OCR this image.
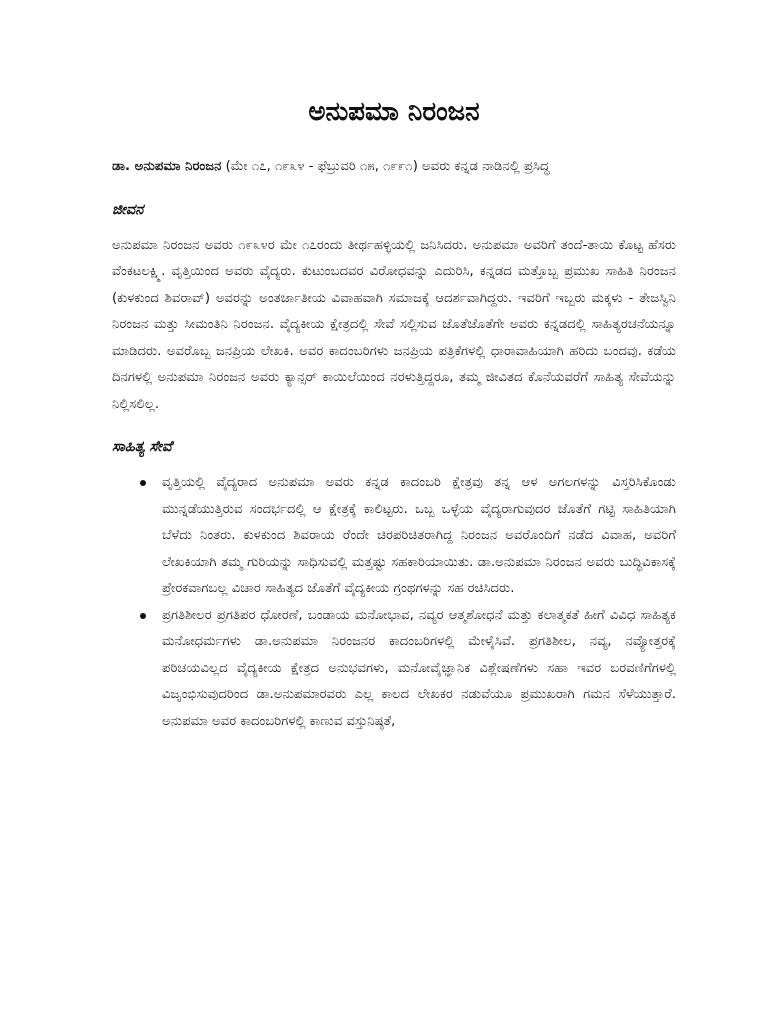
ಅನುಪಮಾ ನಿರಂಜನ

ಡಾ. ಅನುಪಮಾ ನಿರಂಜನ (ಮೇ ೧೭, ೧೯೩೪ - ಫೆಬ್ರುವರಿ ೧೫, ೧೯೯೧) ಅವರು ಕನ್ನಡ ನಾಡಿನಲ್ಲಿ ಪ್ರಸಿದ್ಧ

ಜೀವನ

ಅನುಪಮಾ ನಿರಂಜನ ಅವರು ೧೯೩೪ರ ಮೇ ೧೭ರಂದು ತೀರ್ಥಹಳ್ಳಿಯಲ್ಲಿ ಜನಿಸಿದರು. ಅನುಪಮಾ ಅವರಿಗೆ ತಂದೆ-ತಾಯಿ ಕೊಟ್ಟ ಹೆಸರು ವೆಂಕಟಲಕ್ಷ್ಮಿ. ವೃತ್ತಿಯಿಂದ ಅವರು ವೈದ್ಯರು. ಕುಟುಂಬದವರ ವಿರೋಧವನ್ನು ಎದುರಿಸಿ, ಕನ್ನಡದ ಮತ್ತೊಬ್ಬ ಪ್ರಮುಖ ಸಾಹಿತಿ ನಿರಂಜನ (ಕುಳಕುಂದ ಶಿವರಾವ್) ಅವರನ್ನು ಅಂತರ್ಜಾತೀಯ ವಿವಾಹವಾಗಿ ಸಮಾಜಕ್ಕೆ ಆದರ್ಶವಾಗಿದ್ದರು. ಇವರಿಗೆ ಇಬ್ಬರು ಮಕ್ಕಳು - ತೇಜಸ್ವಿನಿ ನಿರಂಜನ ಮತ್ತು ಸೀಮಂತಿನಿ ನಿರಂಜನ. ವೈದ್ಯಕೀಯ ಕ್ಷೇತ್ರದಲ್ಲಿ ಸೇವೆ ಸಲ್ಲಿಸುವ ಜೊತೆಜೊತೆಗೇ ಅವರು ಕನ್ನಡದಲ್ಲಿ ಸಾಹಿತ್ಯರಚನೆಯನ್ನೂ ಮಾಡಿದರು. ಅವರೊಬ್ಬ ಜನಪ್ರಿಯ ಲೇಖಕಿ. ಅವರ ಕಾದಂಬರಿಗಳು ಜನಪ್ರಿಯ ಪತ್ರಿಕೆಗಳಲ್ಲಿ ಧಾರಾವಾಹಿಯಾಗಿ ಹರಿದು ಬಂದವು. ಕಡೆಯ ದಿನಗಳಲ್ಲಿ ಅನುಪಮಾ ನಿರಂಜನ ಅವರು ಕ್ಯಾನ್ಸರ್ ಕಾಯಿಲೆಯಿಂದ ನರಳುತ್ತಿದ್ದರೂ, ತಮ್ಮ ಜೀವಿತದ ಕೊನೆಯವರೆಗೆ ಸಾಹಿತ್ಯ ಸೇವೆಯನ್ನು ನಿಲ್ಲಿಸಲಿಲ್ಲ.

ಸಾಹಿತ್ಯ ಸೇವೆ
ವೃತ್ತಿಯಲ್ಲಿ ವೈದ್ಯರಾದ ಅನುಪಮಾ ಅವರು ಕನ್ನಡ ಕಾದಂಬರಿ ಕ್ಷೇತ್ರವು ತನ್ನ ಆಳ ಅಗಲಗಳನ್ನು ವಿಸ್ತರಿಸಿಕೊಂಡು ಮುನ್ನಡೆಯುತ್ತಿರುವ ಸಂದರ್ಭದಲ್ಲಿ ಆ ಕ್ಷೇತ್ರಕ್ಕೆ ಕಾಲಿಟ್ಟರು. ಒಬ್ಬ ಒಳ್ಳೆಯ ವೈದ್ಯರಾಗುವುದರ ಜೊತೆಗೆ ಗಟ್ಟಿ ಸಾಹಿತಿಯಾಗಿ ಬೆಳೆದು ನಿಂತರು. ಕುಳಕುಂದ ಶಿವರಾಯ ರೆಂದೇ ಚಿರಪರಿಚಿತರಾಗಿದ್ದ ನಿರಂಜನ ಅವರೊಂದಿಗೆ ನಡೆದ ವಿವಾಹ, ಅವರಿಗೆ ಲೇಖಕಿಯಾಗಿ ತಮ್ಮ ಗುರಿಯನ್ನು ಸಾಧಿಸುವಲ್ಲಿ ಮತ್ತಷ್ಟು ಸಹಕಾರಿಯಾಯಿತು. ಡಾ.ಅನುಪಮಾ ನಿರಂಜನ ಅವರು ಬುದ್ಧಿವಿಕಾಸಕ್ಕೆ ಪ್ರೇರಕವಾಗಬಲ್ಲ ವಿಚಾರ ಸಾಹಿತ್ಯದ ಜೊತೆಗೆ ವೈದ್ಯಕೀಯ ಗ್ರಂಥಗಳನ್ನು ಸಹ ರಚಿಸಿದರು.
ಪ್ರಗತಿಶೀಲರ ಪ್ರಗತಿಪರ ಧೋರಣೆ, ಬಂಡಾಯ ಮನೋಭಾವ, ನವ್ಯರ ಆತ್ಮಶೋಧನೆ ಮತ್ತು ಕಲಾತ್ಮಕತೆ ಹೀಗೆ ವಿವಿಧ ಸಾಹಿತ್ಯಕ ಮನೋಧರ್ಮಗಳು ಡಾ.ಅನುಪಮಾ ನಿರಂಜನರ ಕಾದಂಬರಿಗಳಲ್ಲಿ ಮೇಳೈಸಿವೆ. ಪ್ರಗತಿಶೀಲ, ನವ್ಯ, ನವ್ಯೋತ್ತರಕ್ಕೆ ಪರಿಚಯವಿಲ್ಲದ ವೈದ್ಯಕೀಯ ಕ್ಷೇತ್ರದ ಅನುಭವಗಳು, ಮನೋವೈಜ್ಞಾನಿಕ ವಿಶ್ಲೇಷಣೆಗಳು ಸಹಾ ಇವರ ಬರವಣಿಗೆಗಳಲ್ಲಿ ವಿಜೃಂಭಿಸುವುದರಿಂದ ಡಾ.ಅನುಪಮಾರವರು ಎಲ್ಲ ಕಾಲದ ಲೇಖಕರ ನಡುವೆಯೂ ಪ್ರಮುಖರಾಗಿ ಗಮನ ಸೆಳೆಯುತ್ತಾರೆ. ಅನುಪಮಾ ಅವರ ಕಾದಂಬರಿಗಳಲ್ಲಿ ಕಾಣುವ ವಸ್ತುನಿಷ್ಠತೆ,
